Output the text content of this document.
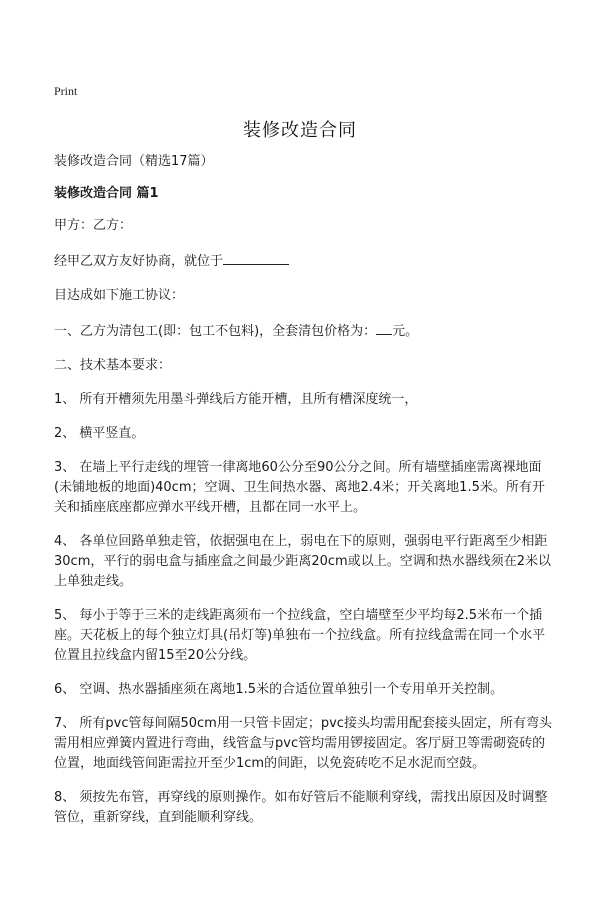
Print
装修改造合同

装修改造合同（精选17篇）

装修改造合同 篇1

甲方：乙方：

经甲乙双方友好协商，就位于

目达成如下施工协议：

一、乙方为清包工(即：包工不包料)，全套清包价格为： 元。

二、技术基本要求：

1、 所有开槽须先用墨斗弹线后方能开槽，且所有槽深度统一，

2、 横平竖直。

3、 在墙上平行走线的埋管一律离地60公分至90公分之间。所有墙壁插座需离裸地面(未铺地板的地面)40cm；空调、卫生间热水器、离地2.4米；开关离地1.5米。所有开关和插座底座都应弹水平线开槽，且都在同一水平上。

4、 各单位回路单独走管，依据强电在上，弱电在下的原则，强弱电平行距离至少相距30cm，平行的弱电盒与插座盒之间最少距离20cm或以上。空调和热水器线须在2米以上单独走线。

5、 每小于等于三米的走线距离须布一个拉线盒，空白墙壁至少平均每2.5米布一个插座。天花板上的每个独立灯具(吊灯等)单独布一个拉线盒。所有拉线盒需在同一个水平位置且拉线盒内留15至20公分线。

6、 空调、热水器插座须在离地1.5米的合适位置单独引一个专用单开关控制。

7、 所有pvc管每间隔50cm用一只管卡固定；pvc接头均需用配套接头固定，所有弯头需用相应弹簧内置进行弯曲，线管盒与pvc管均需用锣接固定。客厅厨卫等需砌瓷砖的位置，地面线管间距需拉开至少1cm的间距，以免瓷砖吃不足水泥而空鼓。

8、 须按先布管，再穿线的原则操作。如布好管后不能顺利穿线，需找出原因及时调整管位，重新穿线，直到能顺利穿线。
